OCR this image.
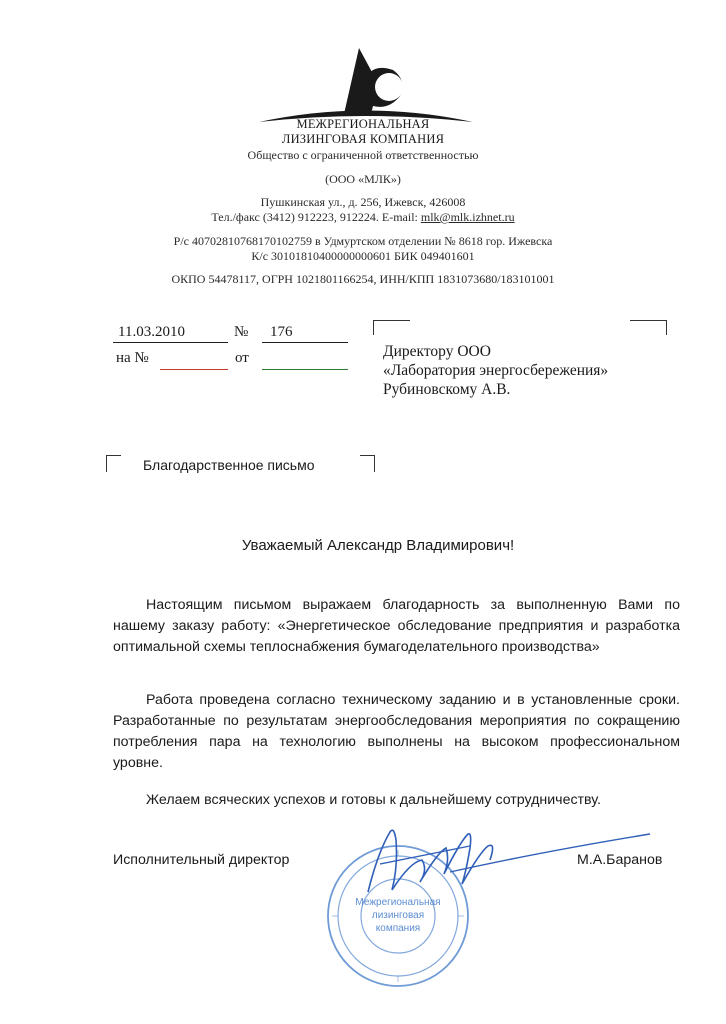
МЕЖРЕГИОНАЛЬНАЯ
ЛИЗИНГОВАЯ КОМПАНИЯ
Общество с ограниченной ответственностью
(ООО «МЛК»)
Пушкинская ул., д. 256, Ижевск, 426008
Тел./факс (3412) 912223, 912224. E-mail: mlk@mlk.izhnet.ru
Р/с 40702810768170102759 в Удмуртском отделении № 8618 гор. Ижевска
К/с 30101810400000000601 БИК 049401601
ОКПО 54478117, ОГРН 1021801166254, ИНН/КПП 1831073680/183101001
11.03.2010	№ 176
на №	от	Директору ООО
«Лаборатория энергосбережения»
Рубиновскому А.В.
Благодарственное письмо
Уважаемый Александр Владимирович!
Настоящим письмом выражаем благодарность за выполненную Вами по нашему заказу работу: «Энергетическое обследование предприятия и разработка оптимальной схемы теплоснабжения бумагоделательного производства»
Работа проведена согласно техническому заданию и в установленные сроки. Разработанные по результатам энергообследования мероприятия по сокращению потребления пара на технологию выполнены на высоком профессиональном уровне.
Желаем всяческих успехов и готовы к дальнейшему сотрудничеству.
Межрегиональная
лизинговая
компания
Исполнительный директор	М.А.Баранов
